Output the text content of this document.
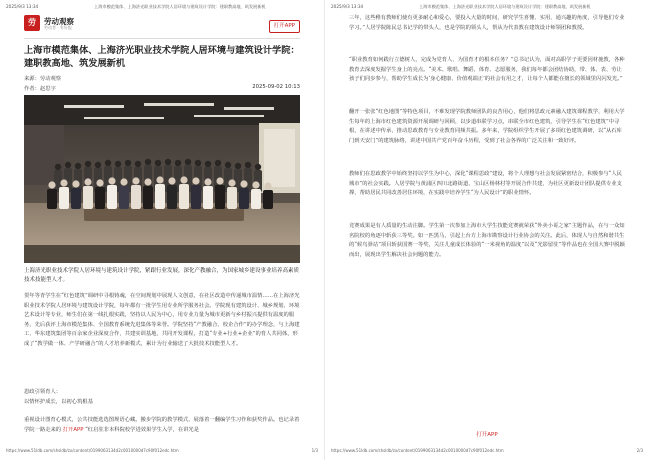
2025/9/3 13:34	上海市模范集体、上海济光职业技术学院人居环境与建筑设计学院：建职教高地、筑发展新机
劳	劳动观察
劳动者 · 有好报	打开APP
上海市模范集体、上海济光职业技术学院人居环境与建筑设计学院：建职教高地、筑发展新机
来源：劳动观察
作者：赵思宇	2025-09-02 10:13

上海济光职业技术学院人居环境与建筑设计学院，紧跟行业发展，深化产教融合，为国家城乡建设事业培养高素质技术技能型人才。

贺年等青学生在“红色建筑”调研中寻根铸魂，在空间规划中展现人文创意，在社区改造中传递城市温情……在上海济光职业技术学院人居环境与建筑设计学院，每年都有一批学生用专业所学服务社会。学院现有建筑设计、城乡规划、环境艺术设计等专业，师生们在第一线扎根实践，坚持以人民为中心，用专业力量为城市更新与乡村振兴提供有温度的服务，先后获评上海市模范集体、全国教育系统先进集体等荣誉。学院坚持“产教融合、校企合作”的办学理念，与上海建工、华东建筑集团等百余家企业深度合作，共建实训基地，共同开发课程，打造“专业+行业+企业”的育人共同体，形成了“教学做一体、产学研融合”的人才培养新模式，累计为行业输送了大批技术技能型人才。

恩政引领育人：

以情怀护成长，以初心筑根基

重视设计图育心模式，公共技能选选图规语心藏。搬步学院的教学模式，展落着一翻编学生习作和获奖作品。也记录着学院一路走来的 打开APP “红启驻非本科院校学进效果学生入学，在讲光是

https://www.51ldb.com/shsldb/zx/content/0199063134d2c0010000d7c90f012edc.htm	1/3
2025/9/3 13:34	上海市模范集体、上海济光职业技术学院人居环境与建筑设计学院：建职教高地、筑发展新机

三年，这些稚有教师们使有更多耐心和爱心，要投入大量的时间，研究学生喜懂、实用、通兴趣的角度，引导他们专业学习。”人居学院陈民总书记学的带头人，也是学院的领头人，帮从为代表教在建筑设计师领团和教授。

“职业教育如何践行立德树人，完成为党育人、为国育才的根本任务？”总书记认为，面对高职学子更要因材施教，各种教育去深度发掘学生身上的亮点。“美术、歌唱、舞蹈、体育、志愿服务，我们每年都会团结协助，带、体、表、劳让孩子们同步参与，帮助学生成长为‘身心健康、价值观端正’的社会有用之才，让每个人都能在擅长的领域里闪闪发光。”

翻开一张张“红色地图”等特色项目，不难发现学院教师团队的良苦用心，他们将思政元素融入建筑课程教学，利用大学生每年的上海市红色建筑资源开展调研与回顾，以步道串联学习点，串联全市红色建筑，引导学生在“红色建筑”中寻根，在讲述中传承，推动思政教育与专业教育同频共振。多年来，学院组织学生开展了多项红色建筑调研，以“从石库门到天安门”的建筑脉络，讲述中国共产党百年奋斗历程，受到了社会各界的广泛关注和一致好评。

教师们在思政教学中始终坚持以学生为中心，深化“课程思政”建设，将个人理想与社会发展紧密结合，积极参与“人民城市”的社会实践。人居学院与黄浦区四川北路街道、宝山区杨林村等开展合作共建，为社区更新设计团队提供专业支撑，帮助居民共同改善居住环境，在实践中培养学生“为人民设计”的职业情怀。

竞赛成果是有人质量的生动注脚。学生第一次参加上海市大学生技能竞赛就荣获“外卖小哥之家”主题作品，在与一众知名院校的角逐中斩获三等奖。如一匹黑马，引起上台方上海市勘察设计行业协会的关注。此后，体现人与自然和谐共生的“候鸟驿站”项目斩获国赛一等奖，关注儿童成长体验的“一米视角的温度”以及“光影留驻”等作品也在全国大赛中脱颖而出，展现出学生解决社会问题的能力。

打开APP
https://www.51ldb.com/shsldb/zx/content/0199063134d2c0010000d7c90f012edc.htm	2/3
